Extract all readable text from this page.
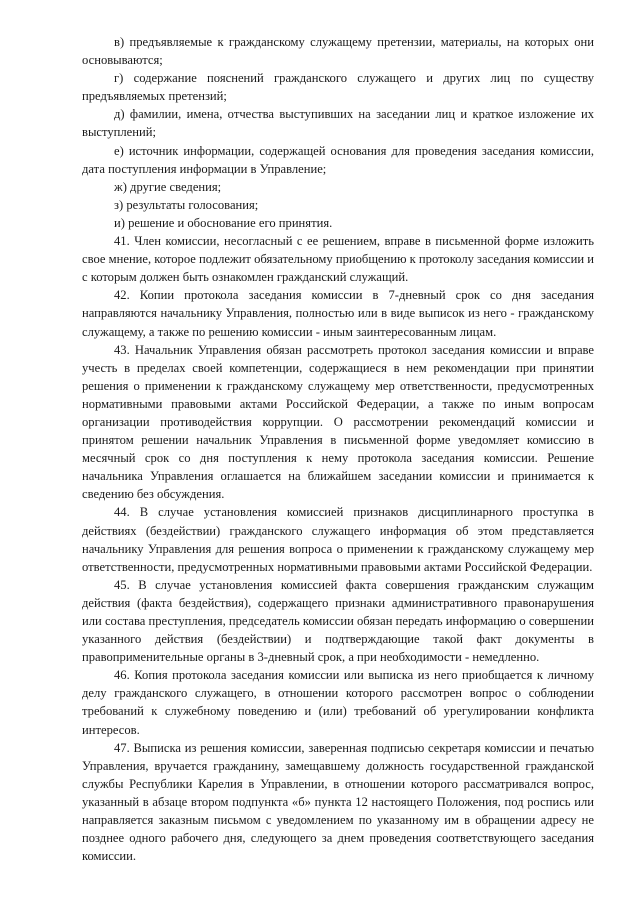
в) предъявляемые к гражданскому служащему претензии, материалы, на которых они основываются;

г) содержание пояснений гражданского служащего и других лиц по существу предъявляемых претензий;

д) фамилии, имена, отчества выступивших на заседании лиц и краткое изложение их выступлений;

е) источник информации, содержащей основания для проведения заседания комиссии, дата поступления информации в Управление;

ж) другие сведения;

з) результаты голосования;

и) решение и обоснование его принятия.

41. Член комиссии, несогласный с ее решением, вправе в письменной форме изложить свое мнение, которое подлежит обязательному приобщению к протоколу заседания комиссии и с которым должен быть ознакомлен гражданский служащий.

42. Копии протокола заседания комиссии в 7-дневный срок со дня заседания направляются начальнику Управления, полностью или в виде выписок из него - гражданскому служащему, а также по решению комиссии - иным заинтересованным лицам.

43. Начальник Управления обязан рассмотреть протокол заседания комиссии и вправе учесть в пределах своей компетенции, содержащиеся в нем рекомендации при принятии решения о применении к гражданскому служащему мер ответственности, предусмотренных нормативными правовыми актами Российской Федерации, а также по иным вопросам организации противодействия коррупции. О рассмотрении рекомендаций комиссии и принятом решении начальник Управления в письменной форме уведомляет комиссию в месячный срок со дня поступления к нему протокола заседания комиссии. Решение начальника Управления оглашается на ближайшем заседании комиссии и принимается к сведению без обсуждения.

44. В случае установления комиссией признаков дисциплинарного проступка в действиях (бездействии) гражданского служащего информация об этом представляется начальнику Управления для решения вопроса о применении к гражданскому служащему мер ответственности, предусмотренных нормативными правовыми актами Российской Федерации.

45. В случае установления комиссией факта совершения гражданским служащим действия (факта бездействия), содержащего признаки административного правонарушения или состава преступления, председатель комиссии обязан передать информацию о совершении указанного действия (бездействии) и подтверждающие такой факт документы в правоприменительные органы в 3-дневный срок, а при необходимости - немедленно.

46. Копия протокола заседания комиссии или выписка из него приобщается к личному делу гражданского служащего, в отношении которого рассмотрен вопрос о соблюдении требований к служебному поведению и (или) требований об урегулировании конфликта интересов.

47. Выписка из решения комиссии, заверенная подписью секретаря комиссии и печатью Управления, вручается гражданину, замещавшему должность государственной гражданской службы Республики Карелия в Управлении, в отношении которого рассматривался вопрос, указанный в абзаце втором подпункта «б» пункта 12 настоящего Положения, под роспись или направляется заказным письмом с уведомлением по указанному им в обращении адресу не позднее одного рабочего дня, следующего за днем проведения соответствующего заседания комиссии.
